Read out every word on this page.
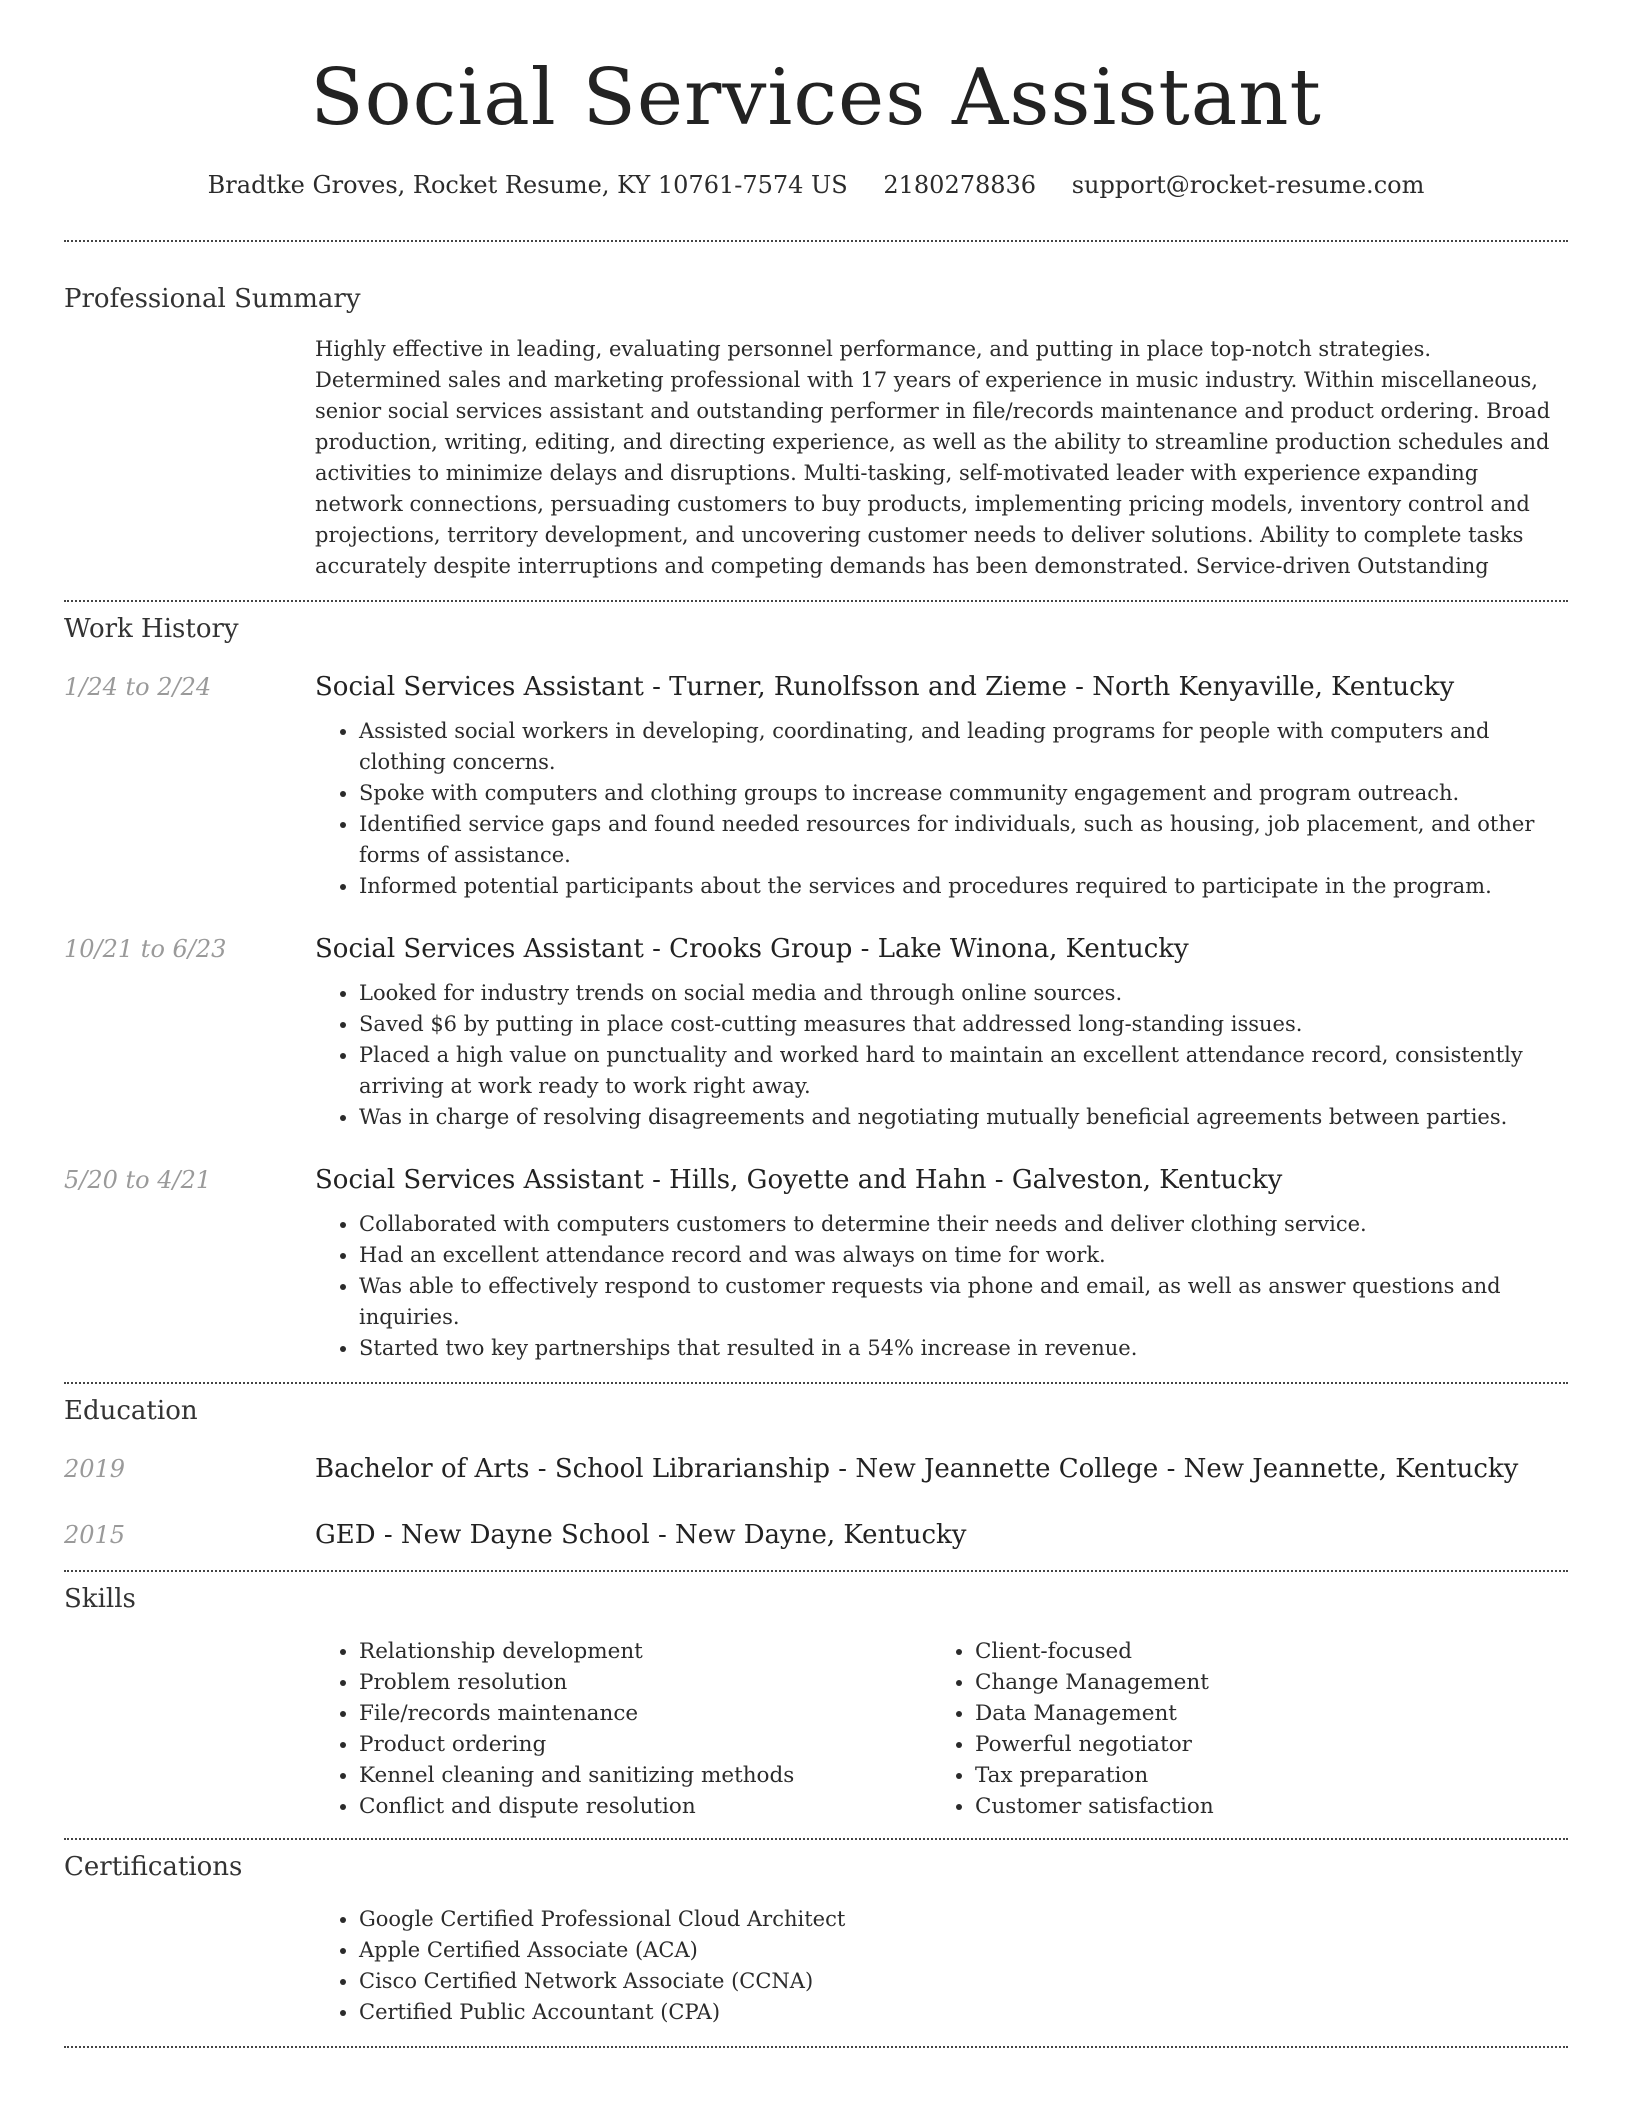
Social Services Assistant
Bradtke Groves, Rocket Resume, KY 10761-7574 US 2180278836 support@rocket-resume.com
Professional Summary

Highly effective in leading, evaluating personnel performance, and putting in place top-notch strategies. Determined sales and marketing professional with 17 years of experience in music industry. Within miscellaneous, senior social services assistant and outstanding performer in file/records maintenance and product ordering. Broad production, writing, editing, and directing experience, as well as the ability to streamline production schedules and activities to minimize delays and disruptions. Multi-tasking, self-motivated leader with experience expanding network connections, persuading customers to buy products, implementing pricing models, inventory control and projections, territory development, and uncovering customer needs to deliver solutions. Ability to complete tasks accurately despite interruptions and competing demands has been demonstrated. Service-driven Outstanding

Work History
1/24 to 2/24	Social Services Assistant - Turner, Runolfsson and Zieme - North Kenyaville, Kentucky
• Assisted social workers in developing, coordinating, and leading programs for people with computers and clothing concerns.
• Spoke with computers and clothing groups to increase community engagement and program outreach.
• Identified service gaps and found needed resources for individuals, such as housing, job placement, and other forms of assistance.
• Informed potential participants about the services and procedures required to participate in the program.
10/21 to 6/23	Social Services Assistant - Crooks Group - Lake Winona, Kentucky
• Looked for industry trends on social media and through online sources.
• Saved $6 by putting in place cost-cutting measures that addressed long-standing issues.
• Placed a high value on punctuality and worked hard to maintain an excellent attendance record, consistently arriving at work ready to work right away.
• Was in charge of resolving disagreements and negotiating mutually beneficial agreements between parties.
5/20 to 4/21	Social Services Assistant - Hills, Goyette and Hahn - Galveston, Kentucky
• Collaborated with computers customers to determine their needs and deliver clothing service.
• Had an excellent attendance record and was always on time for work.
• Was able to effectively respond to customer requests via phone and email, as well as answer questions and inquiries.
• Started two key partnerships that resulted in a 54% increase in revenue.
Education
2019	Bachelor of Arts - School Librarianship - New Jeannette College - New Jeannette, Kentucky
2015	GED - New Dayne School - New Dayne, Kentucky
Skills
• Relationship development
• Problem resolution
• File/records maintenance
• Product ordering
• Kennel cleaning and sanitizing methods
• Conflict and dispute resolution
• Client-focused
• Change Management
• Data Management
• Powerful negotiator
• Tax preparation
• Customer satisfaction
Certifications
• Google Certified Professional Cloud Architect
• Apple Certified Associate (ACA)
• Cisco Certified Network Associate (CCNA)
• Certified Public Accountant (CPA)
